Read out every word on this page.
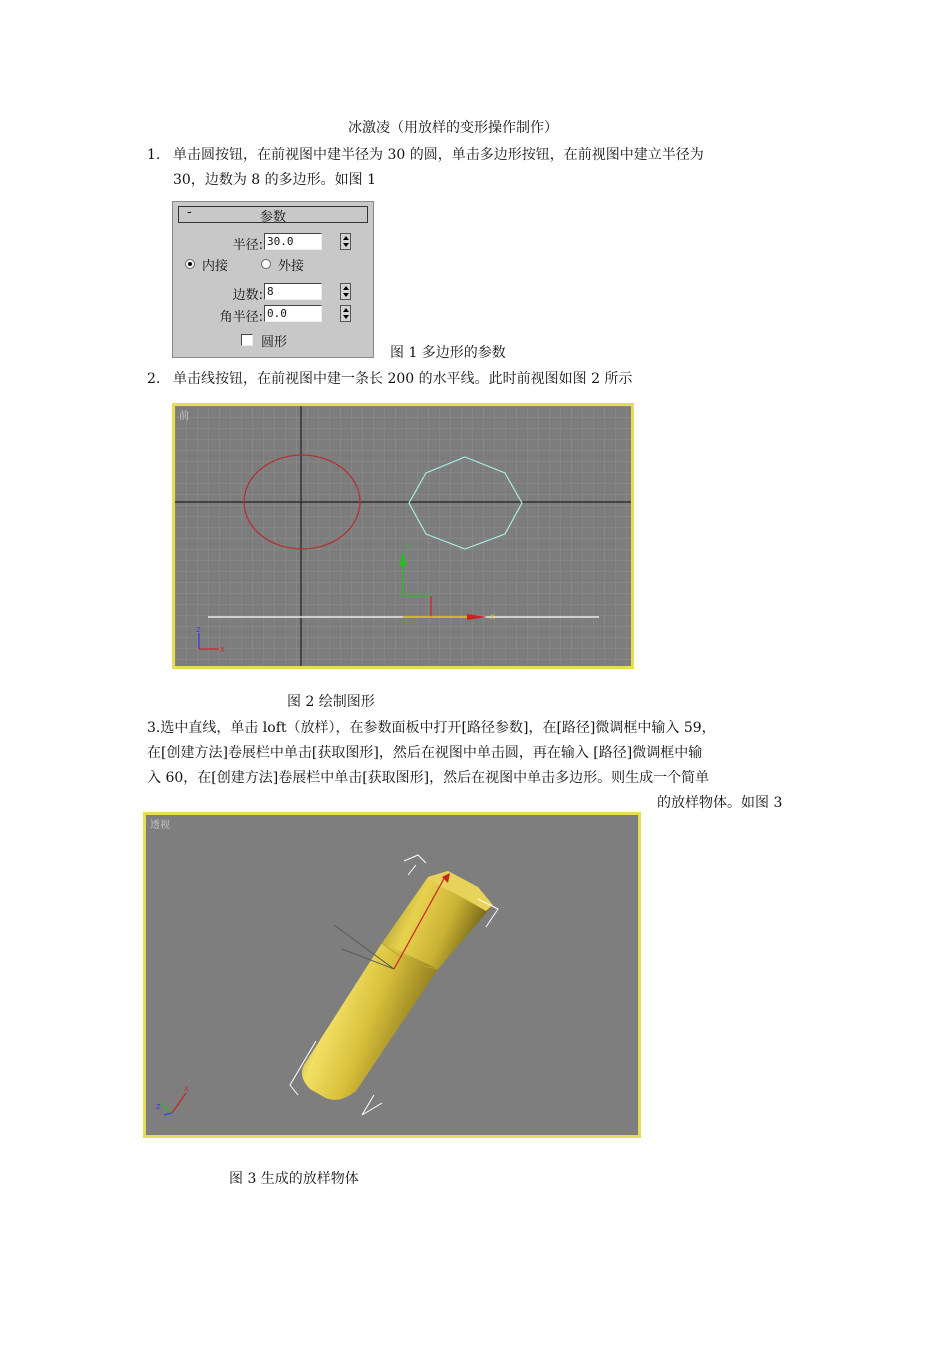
冰激凌（用放样的变形操作制作）
1. 单击圆按钮，在前视图中建半径为 30 的圆，单击多边形按钮，在前视图中建立半径为
30，边数为 8 的多边形。如图 1
-	参数
半径: 30.0
内接	外接
边数: 8
角半径: 0.0
圆形
图 1 多边形的参数
2. 单击线按钮，在前视图中建一条长 200 的水平线。此时前视图如图 2 所示
Y
X
Z
X
前
图 2 绘制图形
3.选中直线，单击 loft（放样），在参数面板中打开[路径参数]，在[路径]微调框中输入 59，
在[创建方法]卷展栏中单击[获取图形]，然后在视图中单击圆，再在输入 [路径]微调框中输
入 60，在[创建方法]卷展栏中单击[获取图形]，然后在视图中单击多边形。则生成一个简单
的放样物体。如图 3
X
Z
透视
图 3 生成的放样物体
